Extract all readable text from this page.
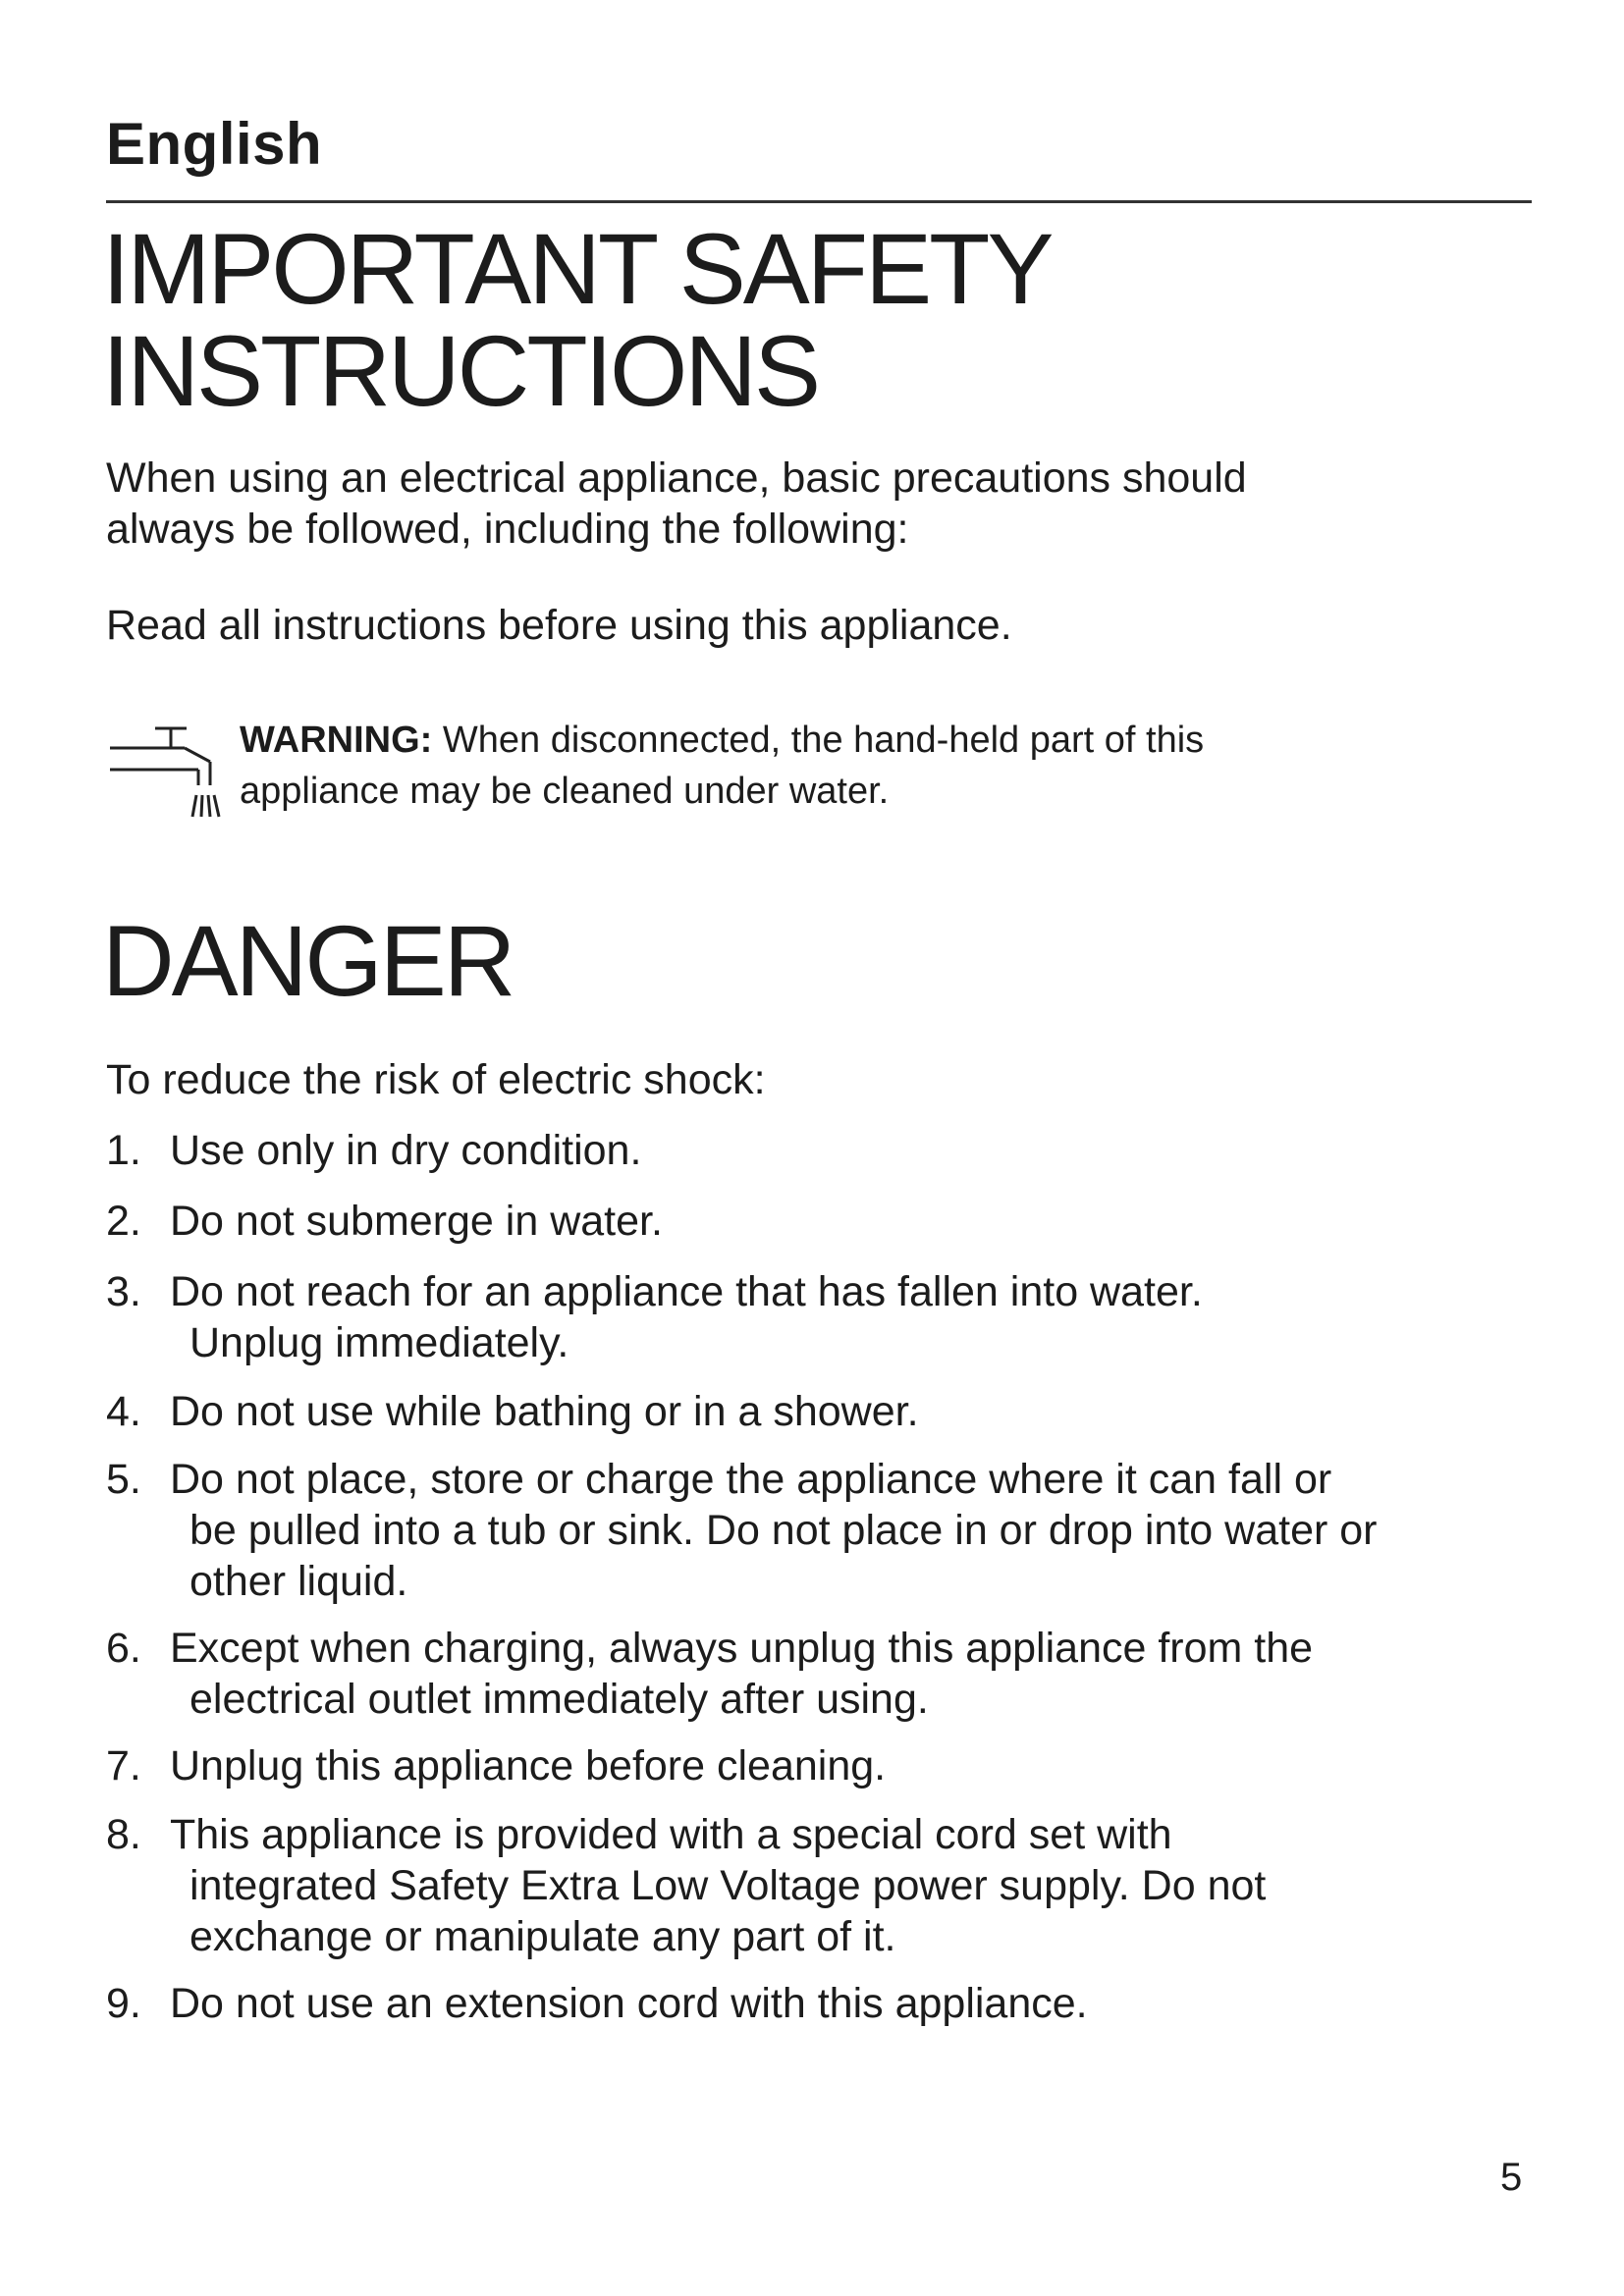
English
IMPORTANT SAFETY
INSTRUCTIONS
When using an electrical appliance, basic precautions should
always be followed, including the following:
Read all instructions before using this appliance.
WARNING: When disconnected, the hand-held part of this
appliance may be cleaned under water.
DANGER
To reduce the risk of electric shock:
1. Use only in dry condition.
2. Do not submerge in water.
3. Do not reach for an appliance that has fallen into water.
Unplug immediately.
4. Do not use while bathing or in a shower.
5. Do not place, store or charge the appliance where it can fall or
be pulled into a tub or sink. Do not place in or drop into water or
other liquid.
6. Except when charging, always unplug this appliance from the
electrical outlet immediately after using.
7. Unplug this appliance before cleaning.
8. This appliance is provided with a special cord set with
integrated Safety Extra Low Voltage power supply. Do not
exchange or manipulate any part of it.
9. Do not use an extension cord with this appliance.
5
